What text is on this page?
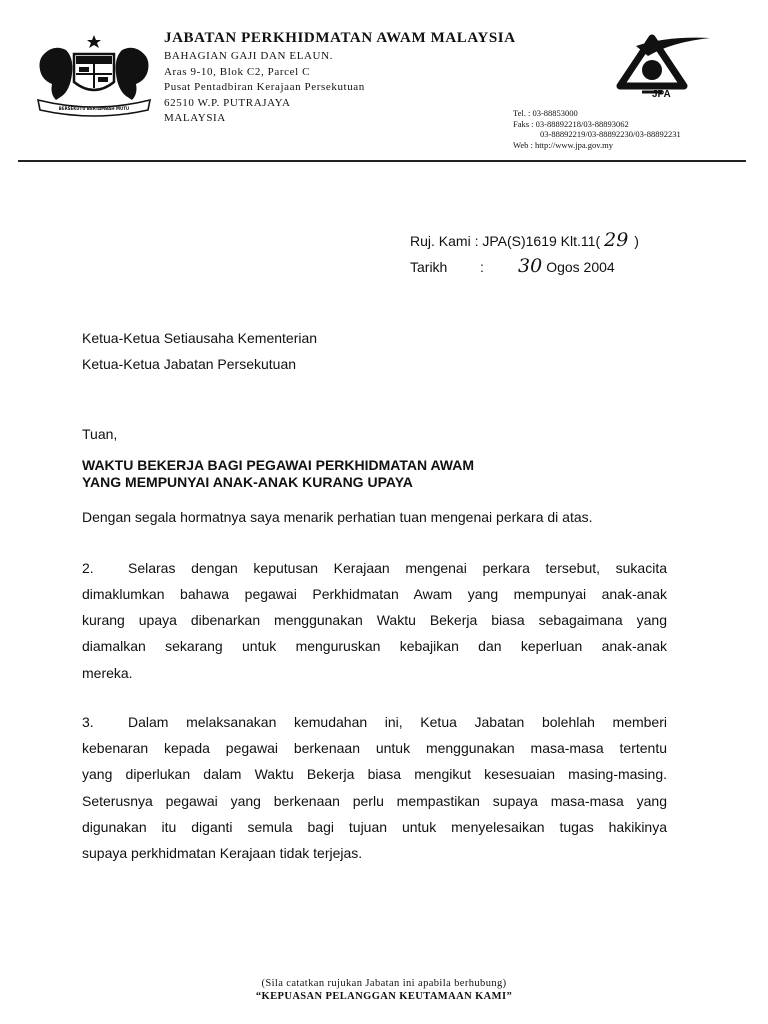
BERSEKUTU BERTAMBAH MUTU
JABATAN PERKHIDMATAN AWAM MALAYSIA
BAHAGIAN GAJI DAN ELAUN.
Aras 9-10, Blok C2, Parcel C
Pusat Pentadbiran Kerajaan Persekutuan
62510 W.P. PUTRAJAYA
MALAYSIA
JPA
Tel. : 03-88853000
Faks : 03-88892218/03-88893062
03-88892219/03-88892230/03-88892231
Web : http://www.jpa.gov.my
Ruj. Kami : JPA(S)1619 Klt.11( 29 )
Tarikh	:	30 Ogos 2004
Ketua-Ketua Setiausaha Kementerian
Ketua-Ketua Jabatan Persekutuan
Tuan,
WAKTU BEKERJA BAGI PEGAWAI PERKHIDMATAN AWAM
YANG MEMPUNYAI ANAK-ANAK KURANG UPAYA
Dengan segala hormatnya saya menarik perhatian tuan mengenai perkara di atas.
2. Selaras dengan keputusan Kerajaan mengenai perkara tersebut, sukacita
dimaklumkan bahawa pegawai Perkhidmatan Awam yang mempunyai anak-anak
kurang upaya dibenarkan menggunakan Waktu Bekerja biasa sebagaimana yang
diamalkan sekarang untuk menguruskan kebajikan dan keperluan anak-anak
mereka.
3. Dalam melaksanakan kemudahan ini, Ketua Jabatan bolehlah memberi
kebenaran kepada pegawai berkenaan untuk menggunakan masa-masa tertentu
yang diperlukan dalam Waktu Bekerja biasa mengikut kesesuaian masing-masing.
Seterusnya pegawai yang berkenaan perlu mempastikan supaya masa-masa yang
digunakan itu diganti semula bagi tujuan untuk menyelesaikan tugas hakikinya
supaya perkhidmatan Kerajaan tidak terjejas.
(Sila catatkan rujukan Jabatan ini apabila berhubung)
“KEPUASAN PELANGGAN KEUTAMAAN KAMI”
